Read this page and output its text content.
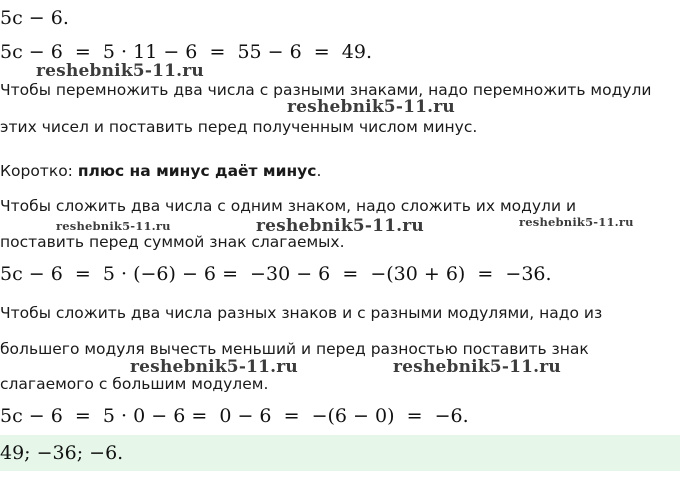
5c − 6.
5c − 6  =  5 · 11 − 6  =  55 − 6  =  49.
reshebnik5-11.ru
Чтобы перемножить два числа с разными знаками, надо перемножить модули
reshebnik5-11.ru
этих чисел и поставить перед полученным числом минус.
Коротко: плюс на минус даёт минус.
Чтобы сложить два числа с одним знаком, надо сложить их модули и
reshebnik5-11.ru	reshebnik5-11.ru	reshebnik5-11.ru
поставить перед суммой знак слагаемых.
5c − 6  =  5 · (−6) − 6 =  −30 − 6  =  −(30 + 6)  =  −36.
Чтобы сложить два числа разных знаков и с разными модулями, надо из
большего модуля вычесть меньший и перед разностью поставить знак
reshebnik5-11.ru	reshebnik5-11.ru
слагаемого с большим модулем.
5c − 6  =  5 · 0 − 6 =  0 − 6  =  −(6 − 0)  =  −6.
49; −36; −6.
